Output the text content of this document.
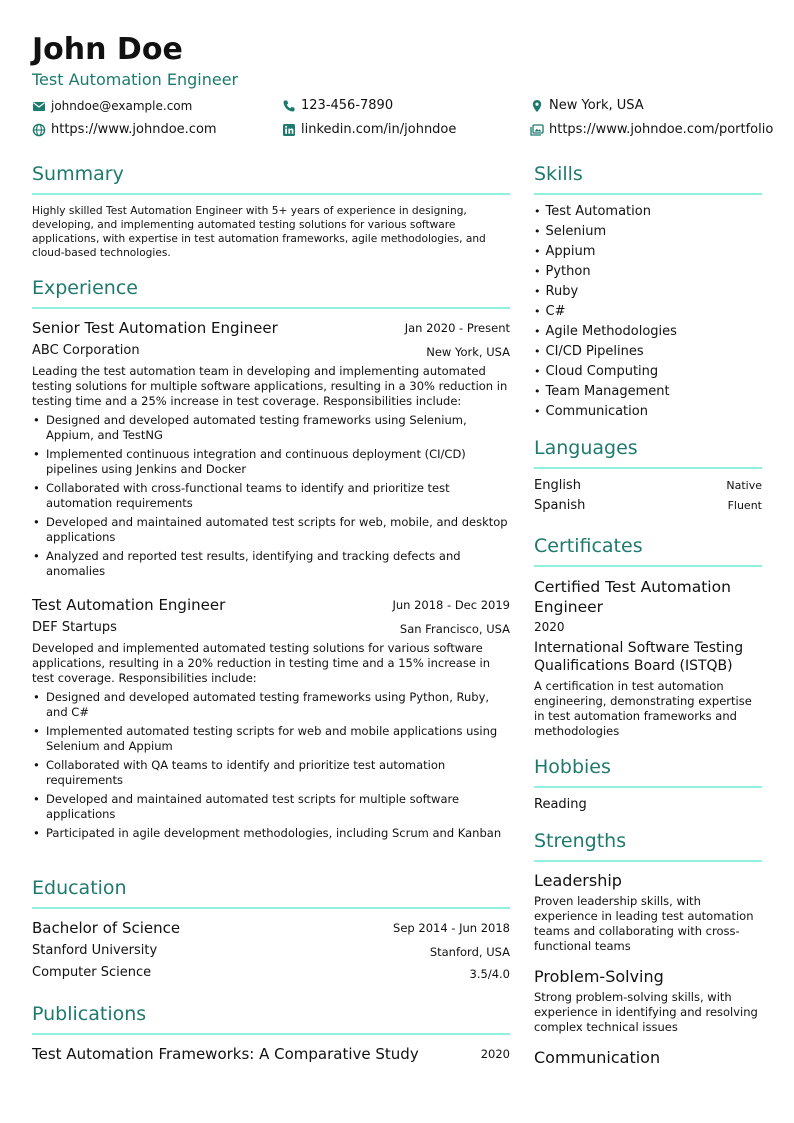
John Doe
Test Automation Engineer
johndoe@example.com	123-456-7890	New York, USA
https://www.johndoe.com	linkedin.com/in/johndoe	https://www.johndoe.com/portfolio
Summary
Highly skilled Test Automation Engineer with 5+ years of experience in designing, developing, and implementing automated testing solutions for various software applications, with expertise in test automation frameworks, agile methodologies, and cloud-based technologies.
Experience
Senior Test Automation Engineer	Jan 2020 - Present
ABC Corporation	New York, USA
Leading the test automation team in developing and implementing automated testing solutions for multiple software applications, resulting in a 30% reduction in testing time and a 25% increase in test coverage. Responsibilities include:
• Designed and developed automated testing frameworks using Selenium, Appium, and TestNG
• Implemented continuous integration and continuous deployment (CI/CD) pipelines using Jenkins and Docker
• Collaborated with cross-functional teams to identify and prioritize test automation requirements
• Developed and maintained automated test scripts for web, mobile, and desktop applications
• Analyzed and reported test results, identifying and tracking defects and anomalies
Test Automation Engineer	Jun 2018 - Dec 2019
DEF Startups	San Francisco, USA
Developed and implemented automated testing solutions for various software applications, resulting in a 20% reduction in testing time and a 15% increase in test coverage. Responsibilities include:
• Designed and developed automated testing frameworks using Python, Ruby, and C#
• Implemented automated testing scripts for web and mobile applications using Selenium and Appium
• Collaborated with QA teams to identify and prioritize test automation requirements
• Developed and maintained automated test scripts for multiple software applications
• Participated in agile development methodologies, including Scrum and Kanban
Education
Bachelor of Science	Sep 2014 - Jun 2018
Stanford University	Stanford, USA
Computer Science	3.5/4.0
Publications
Test Automation Frameworks: A Comparative Study	2020
Skills
• Test Automation
• Selenium
• Appium
• Python
• Ruby
• C#
• Agile Methodologies
• CI/CD Pipelines
• Cloud Computing
• Team Management
• Communication
Languages
English	Native
Spanish	Fluent
Certificates
Certified Test Automation Engineer
2020
International Software Testing Qualifications Board (ISTQB)
A certification in test automation engineering, demonstrating expertise in test automation frameworks and methodologies
Hobbies
Reading
Strengths
Leadership
Proven leadership skills, with experience in leading test automation teams and collaborating with cross-functional teams
Problem-Solving
Strong problem-solving skills, with experience in identifying and resolving complex technical issues
Communication
